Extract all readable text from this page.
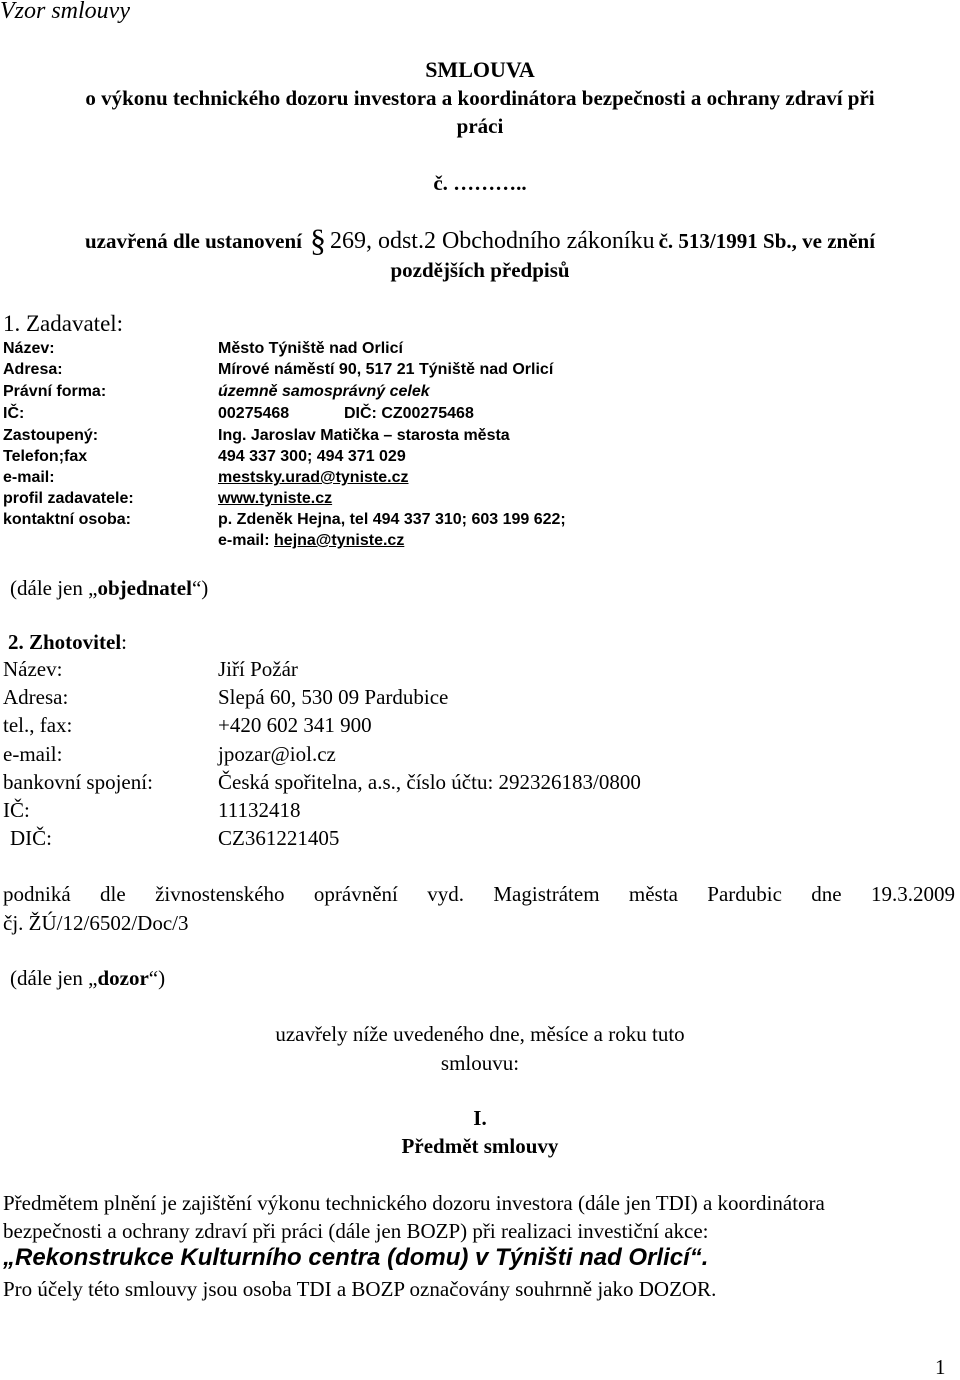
Vzor smlouvy
SMLOUVA
o výkonu technického dozoru investora a koordinátora bezpečnosti a ochrany zdraví při
práci
č. ………..
uzavřená dle ustanovení § 269, odst.2 Obchodního zákoníku č. 513/1991 Sb., ve znění
pozdějších předpisů
1. Zadavatel:
Název:	Město Týniště nad Orlicí
Adresa:	Mírové náměstí 90, 517 21 Týniště nad Orlicí
Právní forma:	územně samosprávný celek
IČ:	00275468	DIČ: CZ00275468
Zastoupený:	Ing. Jaroslav Matička – starosta města
Telefon;fax	494 337 300; 494 371 029
e-mail:	mestsky.urad@tyniste.cz
profil zadavatele:	www.tyniste.cz
kontaktní osoba:	p. Zdeněk Hejna, tel 494 337 310; 603 199 622;
e-mail: hejna@tyniste.cz
(dále jen „objednatel“)
2. Zhotovitel:
Název:	Jiří Požár
Adresa:	Slepá 60, 530 09 Pardubice
tel., fax:	+420 602 341 900
e-mail:	jpozar@iol.cz
bankovní spojení:	Česká spořitelna, a.s., číslo účtu: 292326183/0800
IČ:	11132418
DIČ:	CZ361221405
podniká dle živnostenského oprávnění vyd. Magistrátem města Pardubic dne 19.3.2009
čj. ŽÚ/12/6502/Doc/3
(dále jen „dozor“)
uzavřely níže uvedeného dne, měsíce a roku tuto
smlouvu:
I.
Předmět smlouvy
Předmětem plnění je zajištění výkonu technického dozoru investora (dále jen TDI) a koordinátora
bezpečnosti a ochrany zdraví při práci (dále jen BOZP) při realizaci investiční akce:
„Rekonstrukce Kulturního centra (domu) v Týništi nad Orlicí“.
Pro účely této smlouvy jsou osoba TDI a BOZP označovány souhrnně jako DOZOR.
1
